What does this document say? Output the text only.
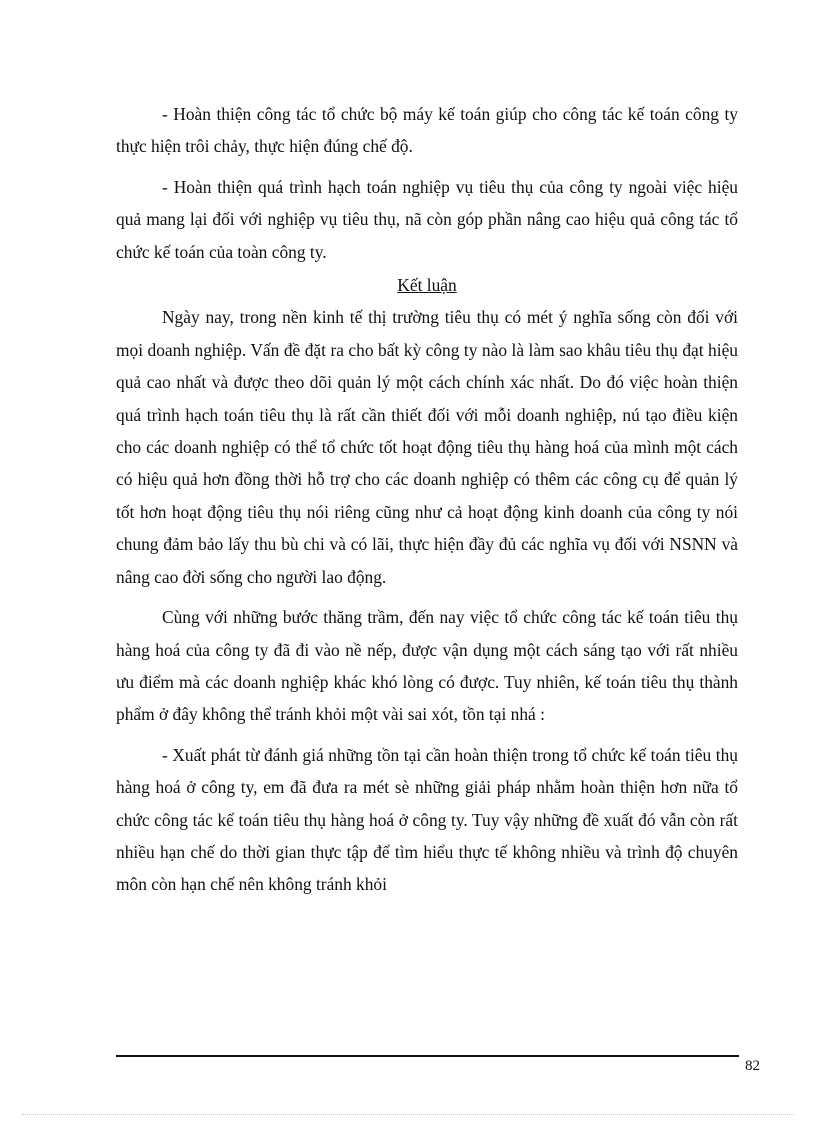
- Hoàn thiện công tác tổ chức bộ máy kế toán giúp cho công tác kế toán công ty thực hiện trôi chảy, thực hiện đúng chế độ.

- Hoàn thiện quá trình hạch toán nghiệp vụ tiêu thụ của công ty ngoài việc hiệu quả mang lại đối với nghiệp vụ tiêu thụ, nã còn góp phần nâng cao hiệu quả công tác tổ chức kế toán của toàn công ty.

Kết luận

Ngày nay, trong nền kinh tế thị trường tiêu thụ có mét ý nghĩa sống còn đối với mọi doanh nghiệp. Vấn đề đặt ra cho bất kỳ công ty nào là làm sao khâu tiêu thụ đạt hiệu quả cao nhất và được theo dõi quản lý một cách chính xác nhất. Do đó việc hoàn thiện quá trình hạch toán tiêu thụ là rất cần thiết đối với mỗi doanh nghiệp, nú tạo điều kiện cho các doanh nghiệp có thể tổ chức tốt hoạt động tiêu thụ hàng hoá của mình một cách có hiệu quả hơn đồng thời hỗ trợ cho các doanh nghiệp có thêm các công cụ để quản lý tốt hơn hoạt động tiêu thụ nói riêng cũng như cả hoạt động kinh doanh của công ty nói chung đảm bảo lấy thu bù chi và có lãi, thực hiện đầy đủ các nghĩa vụ đối với NSNN và nâng cao đời sống cho người lao động.

Cùng với những bước thăng trầm, đến nay việc tổ chức công tác kế toán tiêu thụ hàng hoá của công ty đã đi vào nề nếp, được vận dụng một cách sáng tạo với rất nhiều ưu điểm mà các doanh nghiệp khác khó lòng có được. Tuy nhiên, kế toán tiêu thụ thành phẩm ở đây không thể tránh khỏi một vài sai xót, tồn tại nhá :

- Xuất phát từ đánh giá những tồn tại cần hoàn thiện trong tổ chức kế toán tiêu thụ hàng hoá ở công ty, em đã đưa ra mét sè những giải pháp nhằm hoàn thiện hơn nữa tổ chức công tác kế toán tiêu thụ hàng hoá ở công ty. Tuy vậy những đề xuất đó vẫn còn rất nhiều hạn chế do thời gian thực tập để tìm hiểu thực tế không nhiều và trình độ chuyên môn còn hạn chế nên không tránh khỏi

82
